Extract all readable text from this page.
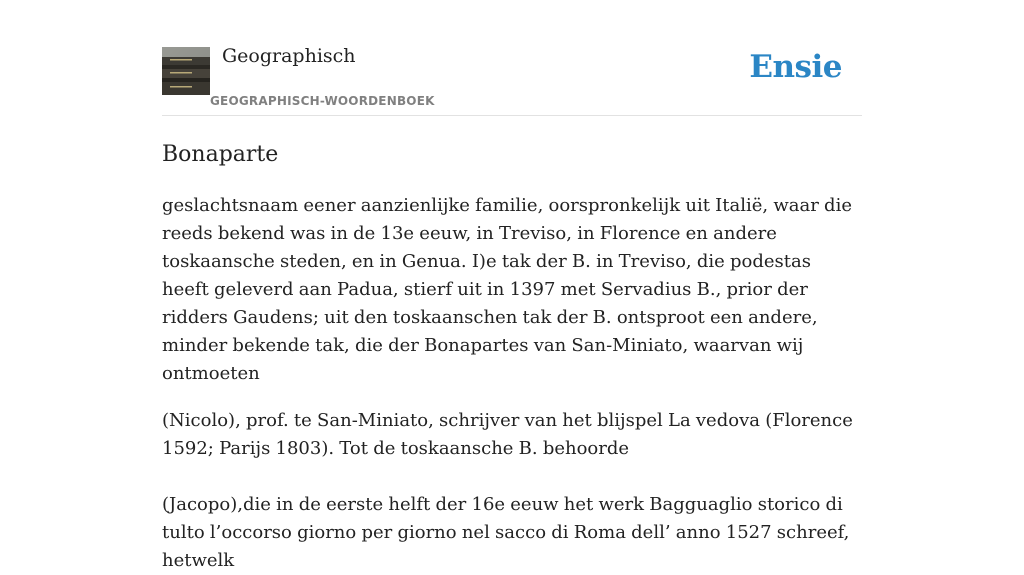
Geographisch
GEOGRAPHISCH-WOORDENBOEK
Ensie
Bonaparte

geslachtsnaam eener aanzienlijke familie, oorspronkelijk uit Italië, waar die reeds bekend was in de 13e eeuw, in Treviso, in Florence en andere toskaansche steden, en in Genua. I)e tak der B. in Treviso, die podestas heeft geleverd aan Padua, stierf uit in 1397 met Servadius B., prior der ridders Gaudens; uit den toskaanschen tak der B. ontsproot een andere, minder bekende tak, die der Bonapartes van San-Miniato, waarvan wij ontmoeten

(Nicolo), prof. te San-Miniato, schrijver van het blijspel La vedova (Florence 1592; Parijs 1803). Tot de toskaansche B. behoorde

(Jacopo),die in de eerste helft der 16e eeuw het werk Bagguaglio storico di tulto l’occorso giorno per giorno nel sacco di Roma dell’ anno 1527 schreef, hetwelk
